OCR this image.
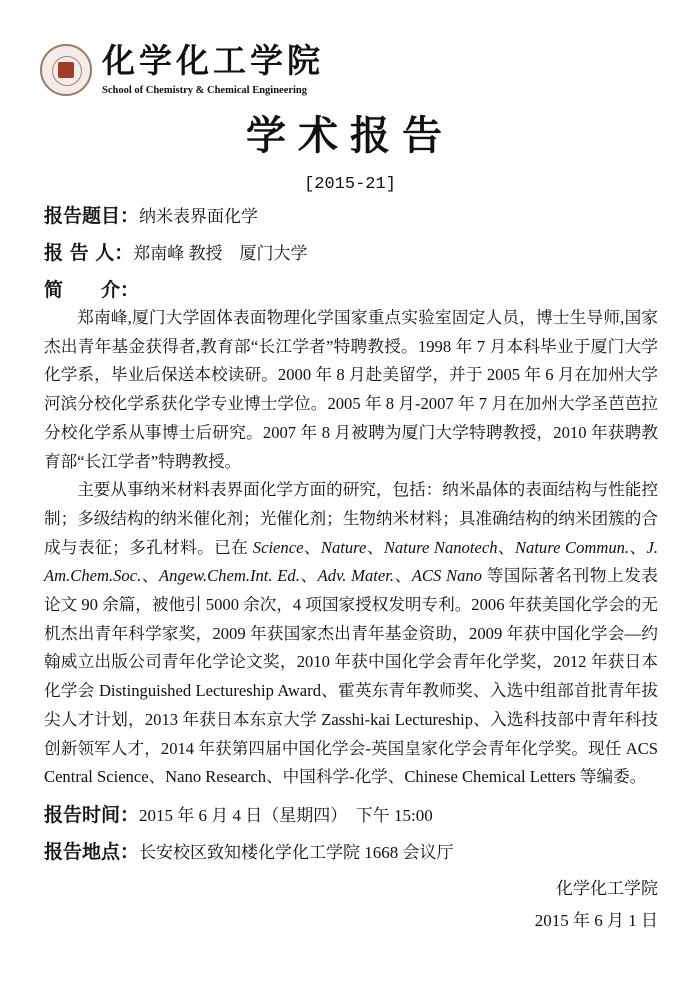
化学化工学院
School of Chemistry & Chemical Engineering
学术报告
[2015-21]
报告题目：纳米表界面化学
报 告 人：郑南峰 教授　厦门大学
简　　介：
郑南峰,厦门大学固体表面物理化学国家重点实验室固定人员，博士生导师,国家杰出青年基金获得者,教育部“长江学者”特聘教授。1998 年 7 月本科毕业于厦门大学化学系，毕业后保送本校读研。2000 年 8 月赴美留学，并于 2005 年 6 月在加州大学河滨分校化学系获化学专业博士学位。2005 年 8 月-2007 年 7 月在加州大学圣芭芭拉分校化学系从事博士后研究。2007 年 8 月被聘为厦门大学特聘教授，2010 年获聘教育部“长江学者”特聘教授。
主要从事纳米材料表界面化学方面的研究，包括：纳米晶体的表面结构与性能控制；多级结构的纳米催化剂；光催化剂；生物纳米材料；具准确结构的纳米团簇的合成与表征；多孔材料。已在 Science、Nature、Nature Nanotech、Nature Commun.、J. Am.Chem.Soc.、Angew.Chem.Int. Ed.、Adv. Mater.、ACS Nano 等国际著名刊物上发表论文 90 余篇，被他引 5000 余次，4 项国家授权发明专利。2006 年获美国化学会的无机杰出青年科学家奖，2009 年获国家杰出青年基金资助，2009 年获中国化学会—约翰威立出版公司青年化学论文奖，2010 年获中国化学会青年化学奖，2012 年获日本化学会 Distinguished Lectureship Award、霍英东青年教师奖、入选中组部首批青年拔尖人才计划，2013 年获日本东京大学 Zasshi-kai Lectureship、入选科技部中青年科技创新领军人才，2014 年获第四届中国化学会-英国皇家化学会青年化学奖。现任 ACS Central Science、Nano Research、中国科学-化学、Chinese Chemical Letters 等编委。
报告时间：2015 年 6 月 4 日（星期四）　下午 15:00
报告地点：长安校区致知楼化学化工学院 1668 会议厅
化学化工学院
2015 年 6 月 1 日
